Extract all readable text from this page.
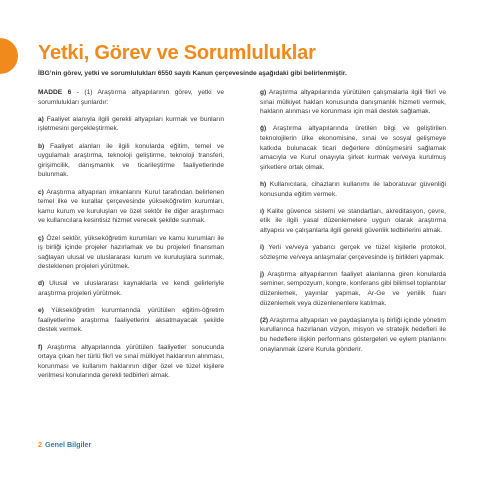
Yetki, Görev ve Sorumluluklar

İBG’nin görev, yetki ve sorumlulukları 6550 sayılı Kanun çerçevesinde aşağıdaki gibi belirlenmiştir.

MADDE 6 - (1) Araştırma altyapılarının görev, yetki ve sorumlulukları şunlardır:

a) Faaliyet alanıyla ilgili gerekli altyapıları kurmak ve bunların işletmesini gerçekleştirmek.

b) Faaliyet alanları ile ilgili konularda eğitim, temel ve uygulamalı araştırma, teknoloji geliştirme, teknoloji transferi, girişimcilik, danışmanlık ve ticarileştirme faaliyetlerinde bulunmak.

c) Araştırma altyapıları imkanlarını Kurul tarafından belirlenen temel ilke ve kurallar çerçevesinde yükseköğretim kurumları, kamu kurum ve kuruluşları ve özel sektör ile diğer araştırmacı ve kullanıcılara kesintisiz hizmet verecek şekilde sunmak.

ç) Özel sektör, yükseköğretim kurumları ve kamu kurumları ile iş birliği içinde projeler hazırlamak ve bu projeleri finansman sağlayan ulusal ve uluslararası kurum ve kuruluşlara sunmak, desteklenen projeleri yürütmek.

d) Ulusal ve uluslararası kaynaklarla ve kendi gelirleriyle araştırma projeleri yürütmek.

e) Yükseköğretim kurumlarında yürütülen eğitim-öğretim faaliyetlerine araştırma faaliyetlerini aksatmayacak şekilde destek vermek.

f) Araştırma altyapılarında yürütülen faaliyetler sonucunda ortaya çıkan her türlü fikrî ve sınai mülkiyet haklarının alınması, korunması ve kullanım haklarının diğer özel ve tüzel kişilere verilmesi konularında gerekli tedbirleri almak.

g) Araştırma altyapılarında yürütülen çalışmalarla ilgili fikrî ve sınai mülkiyet hakları konusunda danışmanlık hizmeti vermek, hakların alınması ve korunması için mali destek sağlamak.

ğ) Araştırma altyapılarında üretilen bilgi ve geliştirilen teknolojilerin ülke ekonomisine, sınai ve sosyal gelişmeye katkıda bulunacak ticari değerlere dönüşmesini sağlamak amacıyla ve Kurul onayıyla şirket kurmak ve/veya kurulmuş şirketlere ortak olmak.

h) Kullanıcılara, cihazların kullanımı ile laboratuvar güvenliği konusunda eğitim vermek.

ı) Kalite güvence sistemi ve standartları, akreditasyon, çevre, etik ile ilgili yasal düzenlemelere uygun olarak araştırma altyapısı ve çalışanlarla ilgili gerekli güvenlik tedbirlerini almak.

i) Yerli ve/veya yabancı gerçek ve tüzel kişilerle protokol, sözleşme ve/veya anlaşmalar çerçevesinde iş birlikleri yapmak.

j) Araştırma altyapılarının faaliyet alanlarına giren konularda seminer, sempozyum, kongre, konferans gibi bilimsel toplantılar düzenlemek, yayınlar yapmak, Ar-Ge ve yenilik fuarı düzenlemek veya düzenlenenlere katılmak.

(2) Araştırma altyapıları ve paydaşlarıyla iş birliği içinde yönetim kurullarınca hazırlanan vizyon, misyon ve stratejik hedefleri ile bu hedeflere ilişkin performans göstergeleri ve eylem planlarını onaylanmak üzere Kurula gönderir.

2 Genel Bilgiler
